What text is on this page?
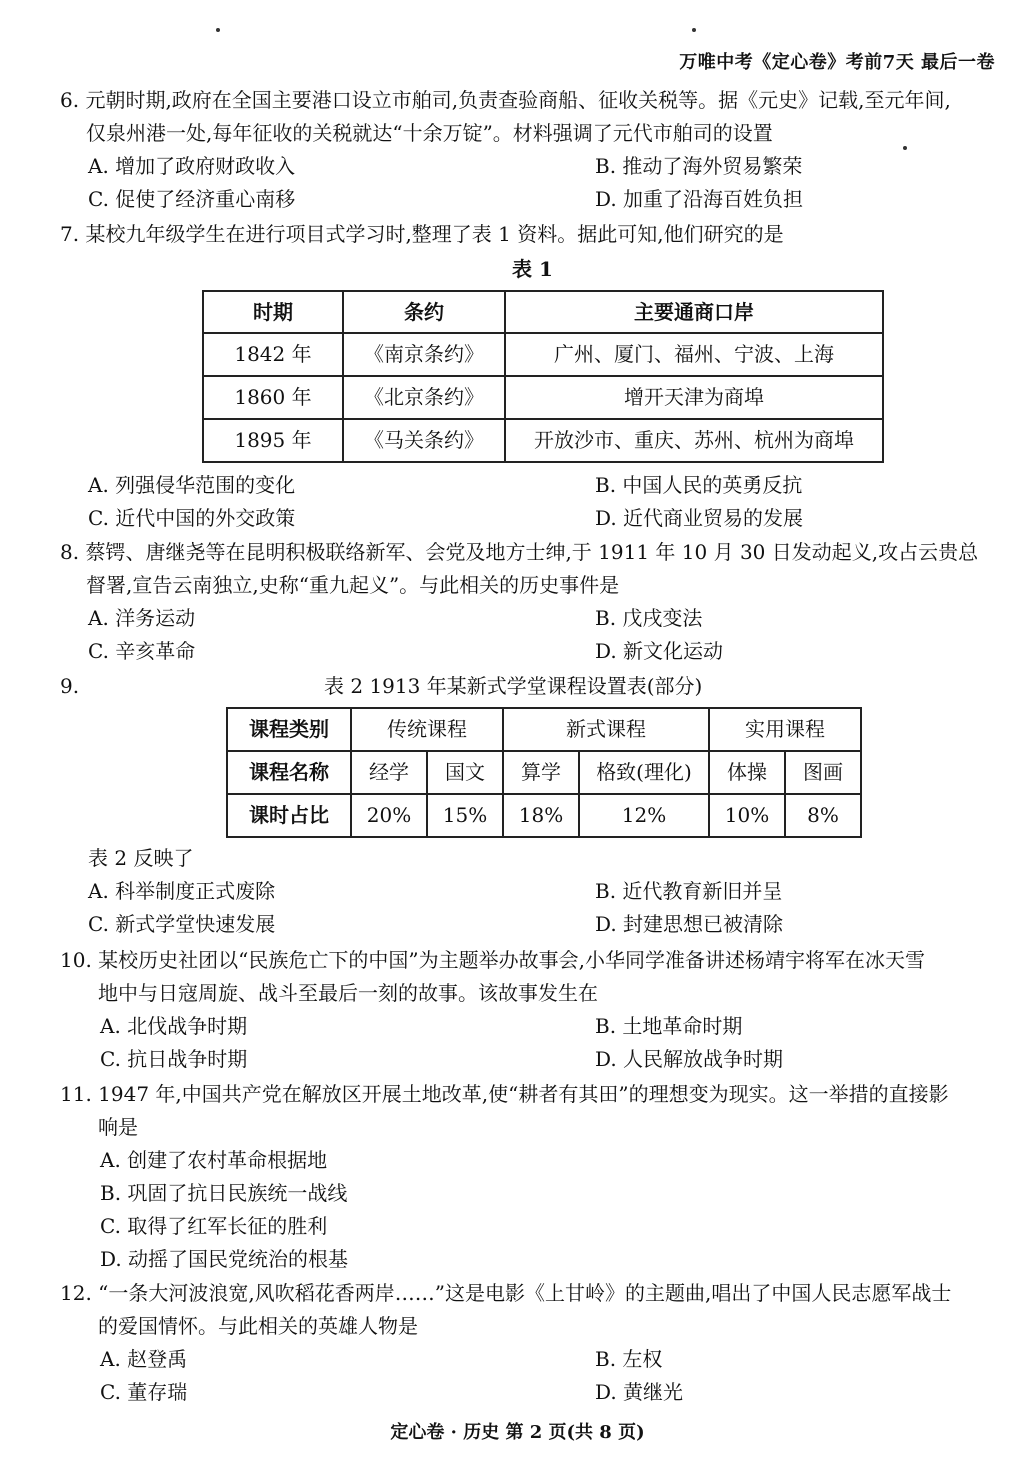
万唯中考《定心卷》考前7天 最后一卷
6. 元朝时期,政府在全国主要港口设立市舶司,负责查验商船、征收关税等。据《元史》记载,至元年间,
仅泉州港一处,每年征收的关税就达“十余万锭”。材料强调了元代市舶司的设置
A. 增加了政府财政收入	B. 推动了海外贸易繁荣
C. 促使了经济重心南移	D. 加重了沿海百姓负担
7. 某校九年级学生在进行项目式学习时,整理了表 1 资料。据此可知,他们研究的是
表 1
时期	条约	主要通商口岸
1842 年	《南京条约》	广州、厦门、福州、宁波、上海
1860 年	《北京条约》	增开天津为商埠
1895 年	《马关条约》	开放沙市、重庆、苏州、杭州为商埠
A. 列强侵华范围的变化	B. 中国人民的英勇反抗
C. 近代中国的外交政策	D. 近代商业贸易的发展
8. 蔡锷、唐继尧等在昆明积极联络新军、会党及地方士绅,于 1911 年 10 月 30 日发动起义,攻占云贵总
督署,宣告云南独立,史称“重九起义”。与此相关的历史事件是
A. 洋务运动	B. 戊戌变法
C. 辛亥革命	D. 新文化运动
9.	表 2 1913 年某新式学堂课程设置表(部分)
课程类别	传统课程		新式课程		实用课程	
课程名称	经学	国文	算学	格致(理化)	体操	图画
课时占比	20%	15%	18%	12%	10%	8%
表 2 反映了
A. 科举制度正式废除	B. 近代教育新旧并呈
C. 新式学堂快速发展	D. 封建思想已被清除
10. 某校历史社团以“民族危亡下的中国”为主题举办故事会,小华同学准备讲述杨靖宇将军在冰天雪
地中与日寇周旋、战斗至最后一刻的故事。该故事发生在
A. 北伐战争时期	B. 土地革命时期
C. 抗日战争时期	D. 人民解放战争时期
11. 1947 年,中国共产党在解放区开展土地改革,使“耕者有其田”的理想变为现实。这一举措的直接影
响是
A. 创建了农村革命根据地
B. 巩固了抗日民族统一战线
C. 取得了红军长征的胜利
D. 动摇了国民党统治的根基
12. “一条大河波浪宽,风吹稻花香两岸……”这是电影《上甘岭》的主题曲,唱出了中国人民志愿军战士
的爱国情怀。与此相关的英雄人物是
A. 赵登禹	B. 左权
C. 董存瑞	D. 黄继光
定心卷 · 历史 第 2 页(共 8 页)
